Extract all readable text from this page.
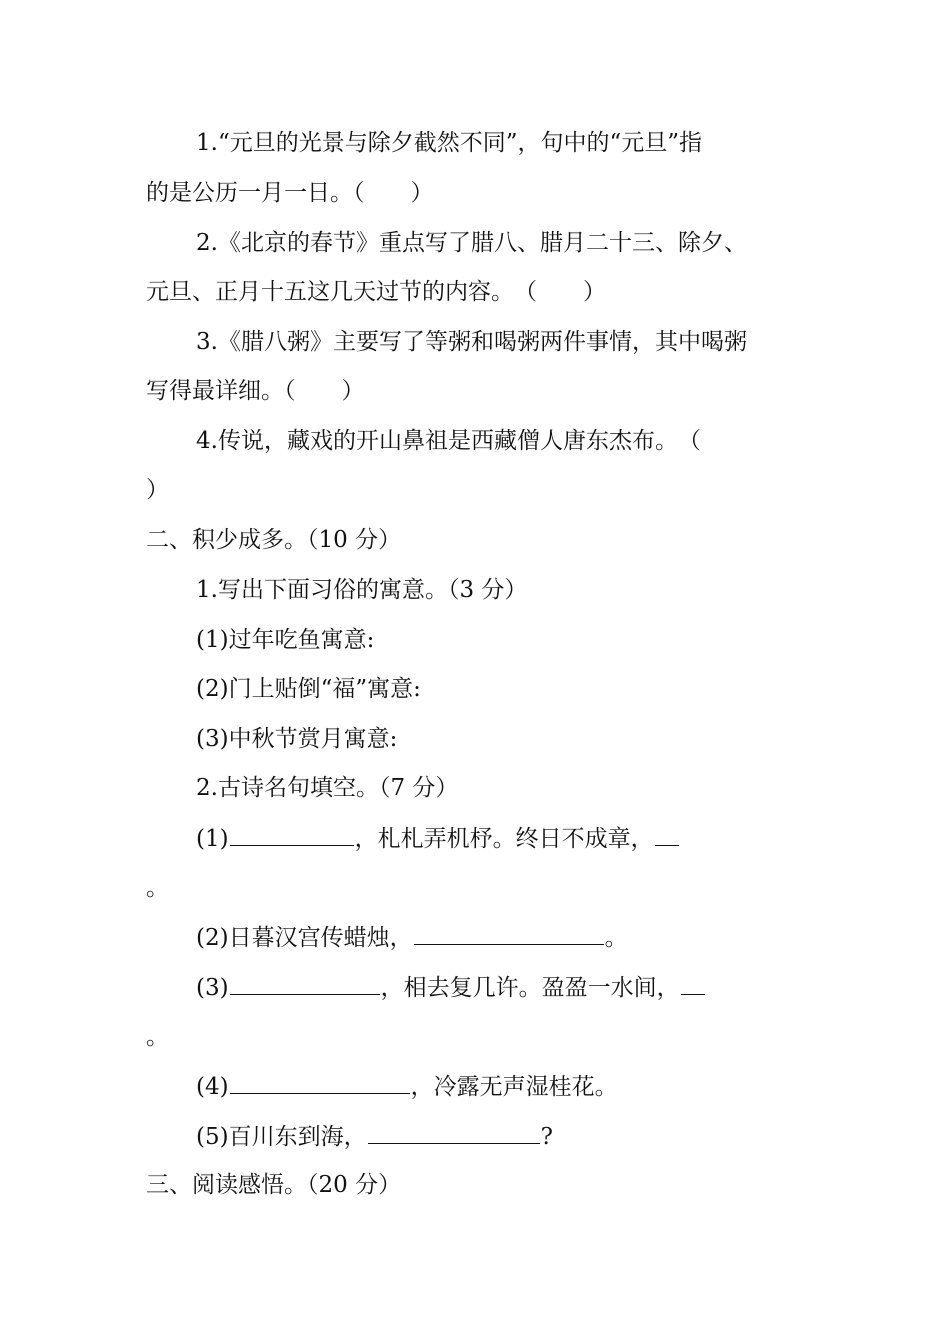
1.“元旦的光景与除夕截然不同”，句中的“元旦”指
的是公历一月一日。（　　）
2.《北京的春节》重点写了腊八、腊月二十三、除夕、
元旦、正月十五这几天过节的内容。　（　　）
3.《腊八粥》主要写了等粥和喝粥两件事情，其中喝粥
写得最详细。（　　）
4.传说，藏戏的开山鼻祖是西藏僧人唐东杰布。　（
）
二、积少成多。（10 分）
1.写出下面习俗的寓意。（3 分）
(1)过年吃鱼寓意:
(2)门上贴倒“福”寓意:
(3)中秋节赏月寓意:
2.古诗名句填空。（7 分）
(1)	，札札弄机杼。终日不成章，
。
(2)日暮汉宫传蜡烛，	。
(3)	，相去复几许。盈盈一水间，
。
(4)	，冷露无声湿桂花。
(5)百川东到海，	?
三、阅读感悟。（20 分）
